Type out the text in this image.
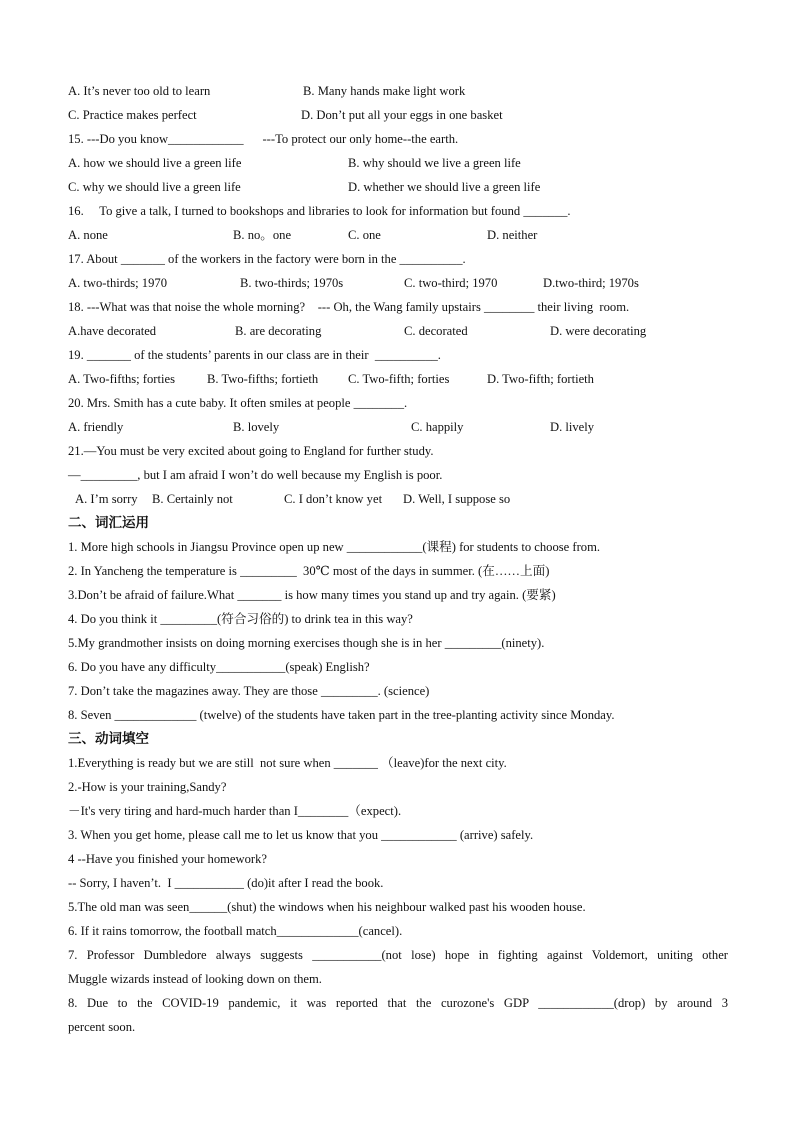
A. It’s never too old to learn	B. Many hands make light work
C. Practice makes perfect	D. Don’t put all your eggs in one basket
15. ---Do you know____________      ---To protect our only home--the earth.
A. how we should live a green life	B. why should we live a green life
C. why we should live a green life	D. whether we should live a green life
16.     To give a talk, I turned to bookshops and libraries to look for information but found _______.
A. none	B. no。one	C. one	D. neither
17. About _______ of the workers in the factory were born in the __________.
A. two-thirds; 1970	B. two-thirds; 1970s	C. two-third; 1970	D.two-third; 1970s
18. ---What was that noise the whole morning?    --- Oh, the Wang family upstairs ________ their living  room.
A.have decorated	B. are decorating	C. decorated	D. were decorating
19. _______ of the students’ parents in our class are in their  __________.
A. Two-fifths; forties	B. Two-fifths; fortieth C. Two-fifth; forties	D. Two-fifth; fortieth
20. Mrs. Smith has a cute baby. It often smiles at people ________.
A. friendly	B. lovely	C. happily	D. lively
21.—You must be very excited about going to England for further study.
—_________, but I am afraid I won’t do well because my English is poor.
A. I’m sorry B. Certainly not	C. I don’t know yet D. Well, I suppose so
二、词汇运用
1. More high schools in Jiangsu Province open up new ____________(课程) for students to choose from.
2. In Yancheng the temperature is _________  30℃ most of the days in summer. (在……上面)
3.Don’t be afraid of failure.What _______ is how many times you stand up and try again. (要紧)
4. Do you think it _________(符合习俗的) to drink tea in this way?
5.My grandmother insists on doing morning exercises though she is in her _________(ninety).
6. Do you have any difficulty___________(speak) English?
7. Don’t take the magazines away. They are those _________. (science)
8. Seven _____________ (twelve) of the students have taken part in the tree-planting activity since Monday.
三、动词填空
1.Everything is ready but we are still  not sure when _______ （leave)for the next city.
2.-How is your training,Sandy?
－It's very tiring and hard-much harder than I________（expect).
3. When you get home, please call me to let us know that you ____________ (arrive) safely.
4 --Have you finished your homework?
-- Sorry, I haven’t.  I ___________ (do)it after I read the book.
5.The old man was seen______(shut) the windows when his neighbour walked past his wooden house.
6. If it rains tomorrow, the football match_____________(cancel).
7. Professor Dumbledore always suggests ___________(not lose) hope in fighting against Voldemort, uniting other
Muggle wizards instead of looking down on them.
8. Due to the COVID-19 pandemic, it was reported that the curozone's GDP ____________(drop) by around 3
percent soon.
